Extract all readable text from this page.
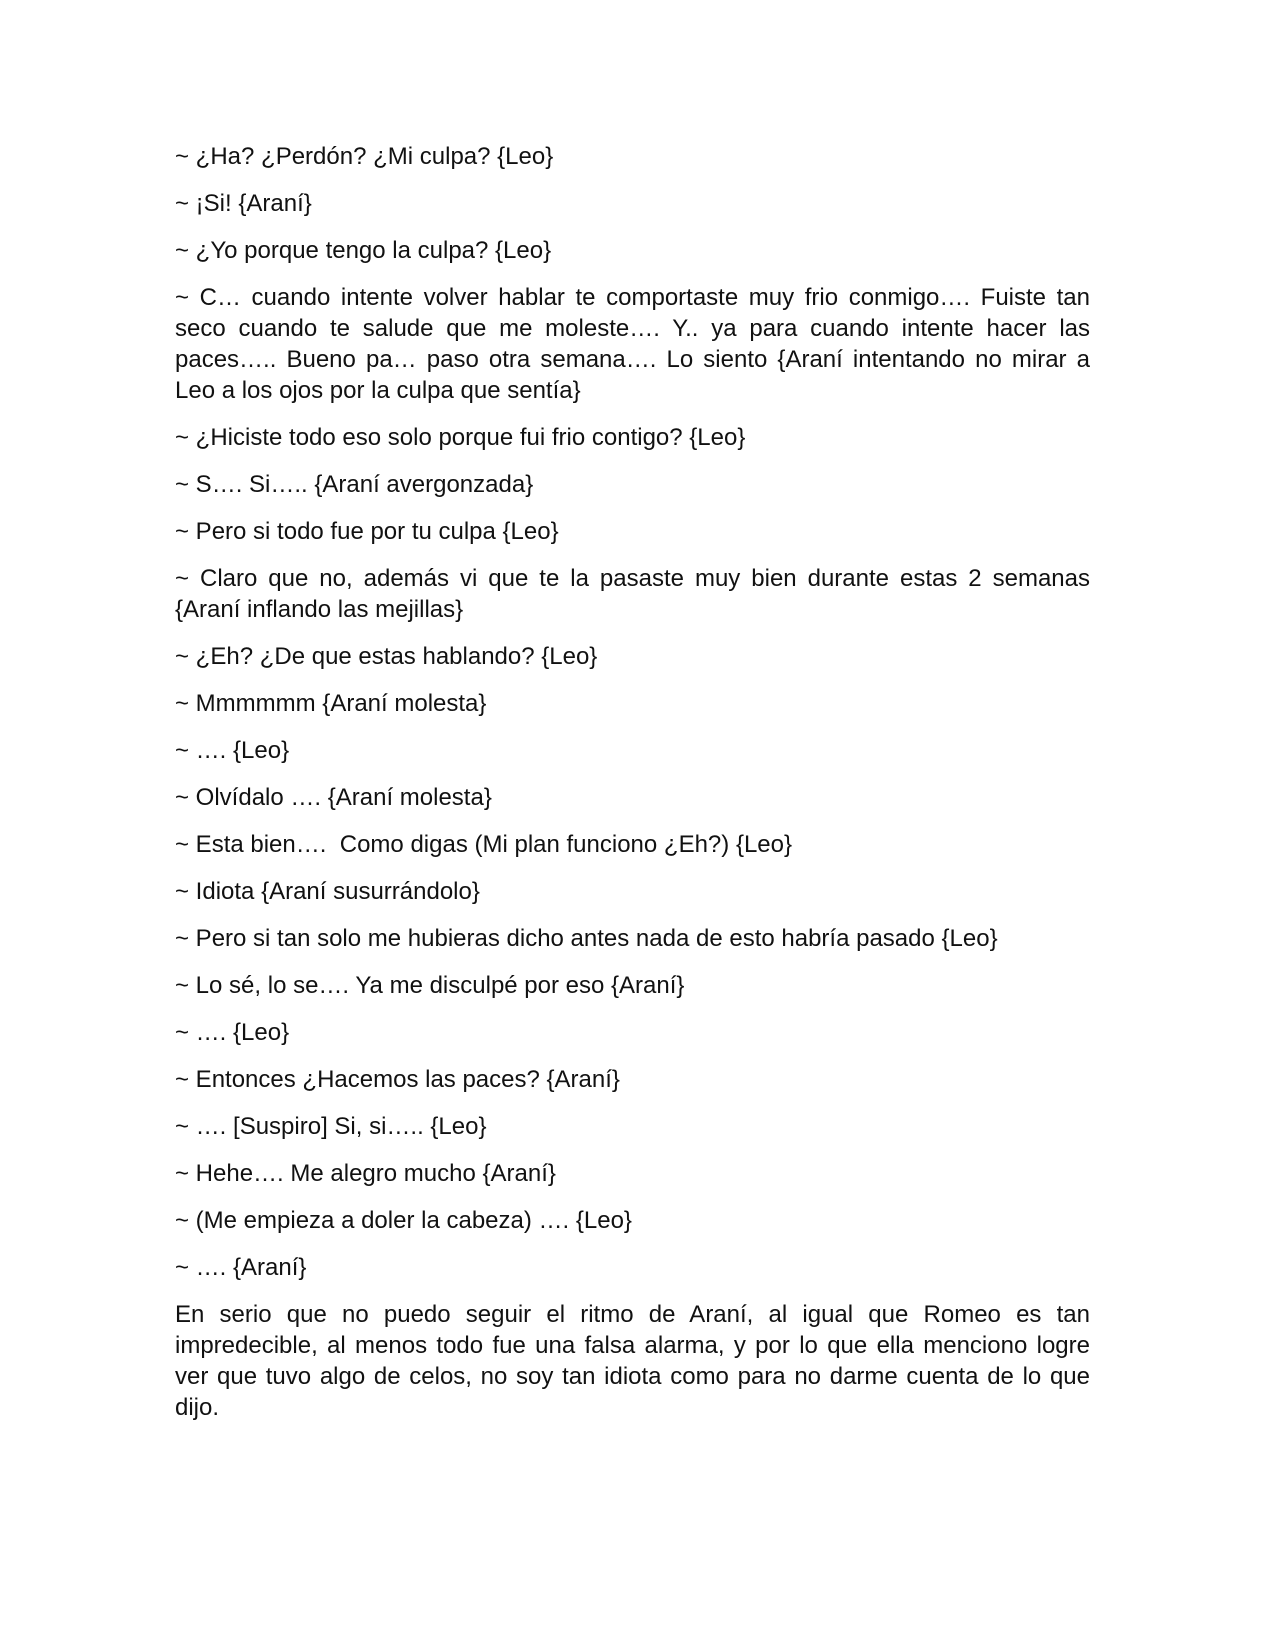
~ ¿Ha? ¿Perdón? ¿Mi culpa? {Leo}

~ ¡Si! {Araní}

~ ¿Yo porque tengo la culpa? {Leo}

~ C… cuando intente volver hablar te comportaste muy frio conmigo…. Fuiste tan seco cuando te salude que me moleste…. Y.. ya para cuando intente hacer las paces….. Bueno pa… paso otra semana…. Lo siento {Araní intentando no mirar a Leo a los ojos por la culpa que sentía}

~ ¿Hiciste todo eso solo porque fui frio contigo? {Leo}

~ S…. Si….. {Araní avergonzada}

~ Pero si todo fue por tu culpa {Leo}

~ Claro que no, además vi que te la pasaste muy bien durante estas 2 semanas {Araní inflando las mejillas}

~ ¿Eh? ¿De que estas hablando? {Leo}

~ Mmmmmm {Araní molesta}

~ …. {Leo}

~ Olvídalo …. {Araní molesta}

~ Esta bien….  Como digas (Mi plan funciono ¿Eh?) {Leo}

~ Idiota {Araní susurrándolo}

~ Pero si tan solo me hubieras dicho antes nada de esto habría pasado {Leo}

~ Lo sé, lo se…. Ya me disculpé por eso {Araní}

~ …. {Leo}

~ Entonces ¿Hacemos las paces? {Araní}

~ …. [Suspiro] Si, si….. {Leo}

~ Hehe…. Me alegro mucho {Araní}

~ (Me empieza a doler la cabeza) …. {Leo}

~ …. {Araní}

En serio que no puedo seguir el ritmo de Araní, al igual que Romeo es tan impredecible, al menos todo fue una falsa alarma, y por lo que ella menciono logre ver que tuvo algo de celos, no soy tan idiota como para no darme cuenta de lo que dijo.
